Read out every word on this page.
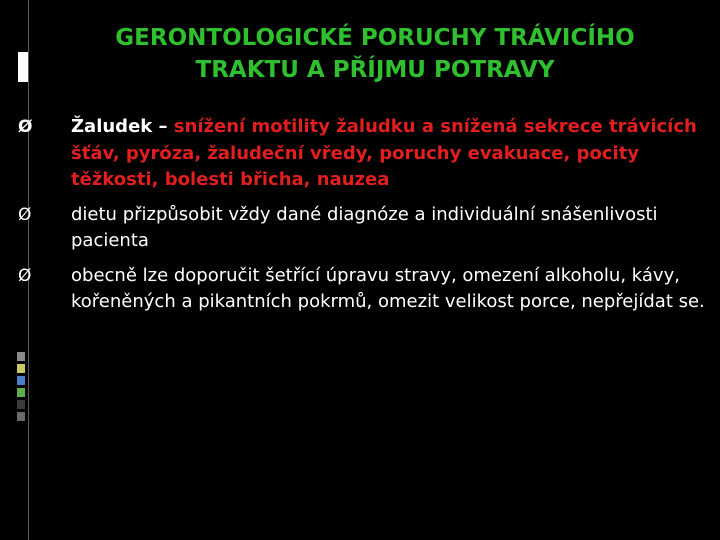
GERONTOLOGICKÉ PORUCHY TRÁVICÍHO
TRAKTU A PŘÍJMU POTRAVY
Ø Žaludek – snížení motility žaludku a snížená sekrece trávicích šťáv, pyróza, žaludeční vředy, poruchy evakuace, pocity těžkosti, bolesti břicha, nauzea
Ø dietu přizpůsobit vždy dané diagnóze a individuální snášenlivosti pacienta
Ø obecně lze doporučit šetřící úpravu stravy, omezení alkoholu, kávy, kořeněných a pikantních pokrmů, omezit velikost porce, nepřejídat se.
